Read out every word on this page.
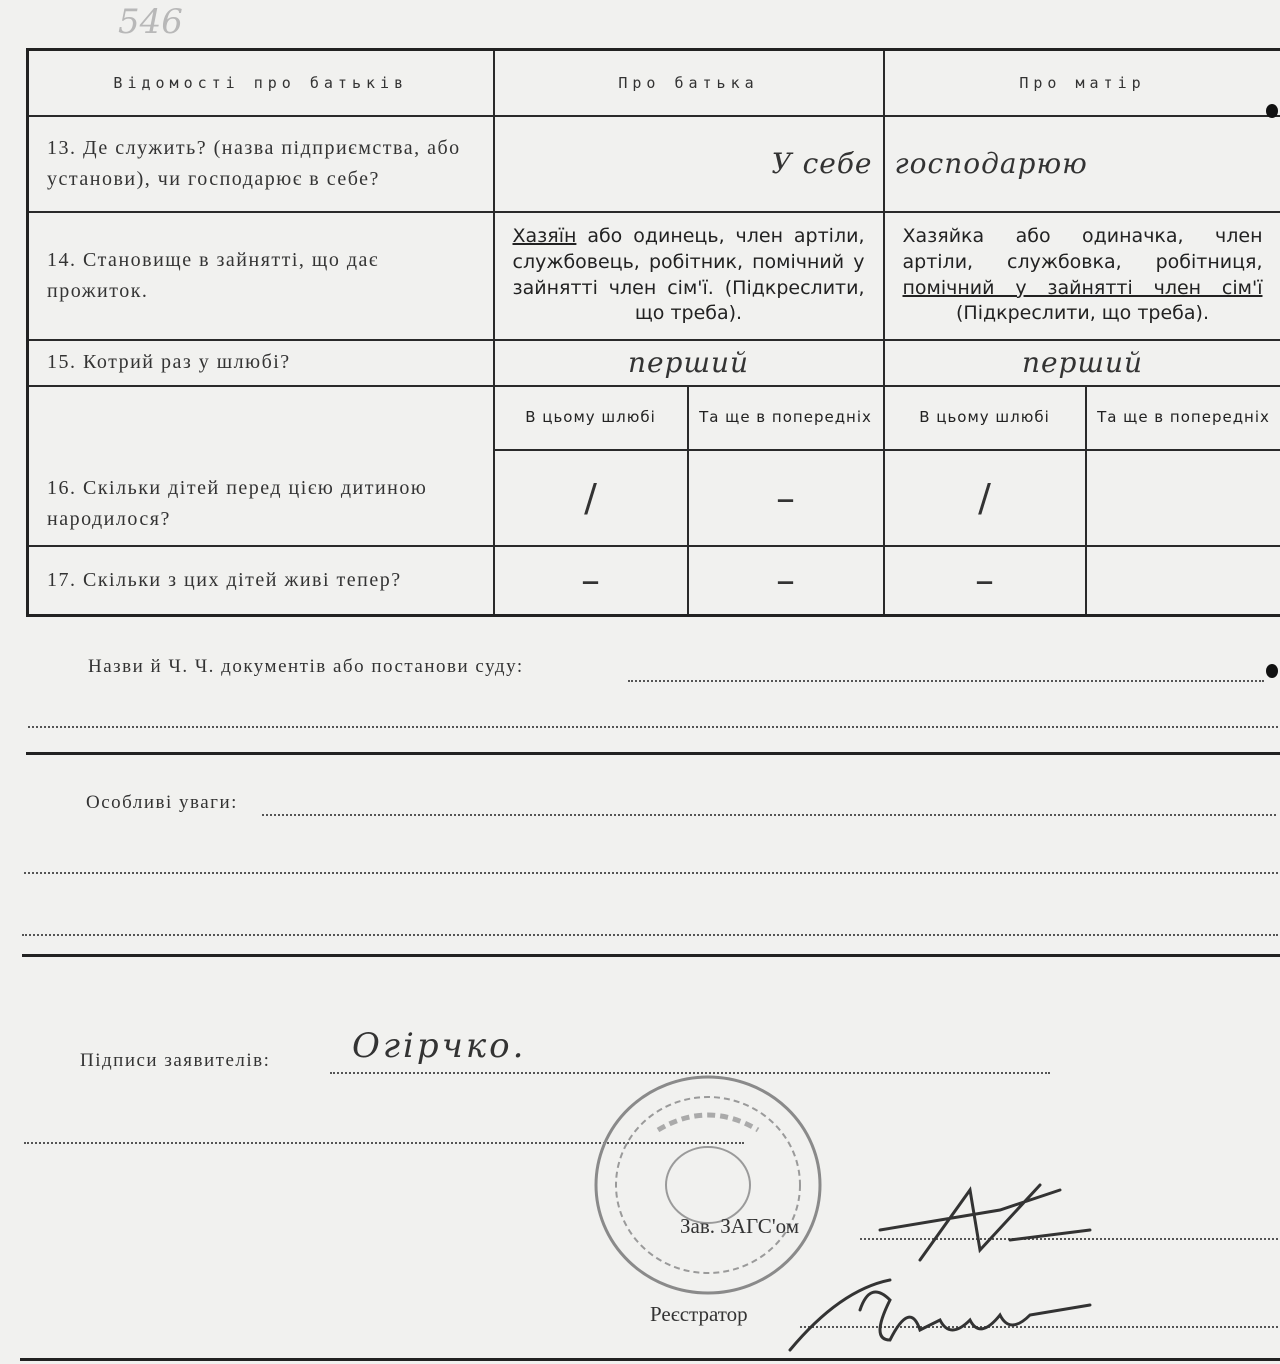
546
Відомості про батьків	Про батька		Про матір	
13. Де служить? (назва підприємства, або установи), чи господарює в себе?	У себе		господарюю	
14. Становище в зайнятті, що дає прожиток.	Хазяїн або одинець, член артіли, службовець, робітник, помічний у зайнятті член сім'ї. (Підкреслити, що треба).		Хазяйка або одиначка, член артіли, службовка, робітниця, помічний у зайнятті член сім'ї (Підкреслити, що треба).	
15. Котрий раз у шлюбі?	перший		перший	
16. Скільки дітей перед цією дитиною народилося?	В цьому шлюбі	Та ще в попередніх	В цьому шлюбі	Та ще в попередніх
	/	–	/	
17. Скільки з цих дітей живі тепер?	–	–	–	
Назви й Ч. Ч. документів або постанови суду:
Особливі уваги:
Підписи заявителів: Огірчко.
Зав. ЗАГС'ом
Реєстратор
